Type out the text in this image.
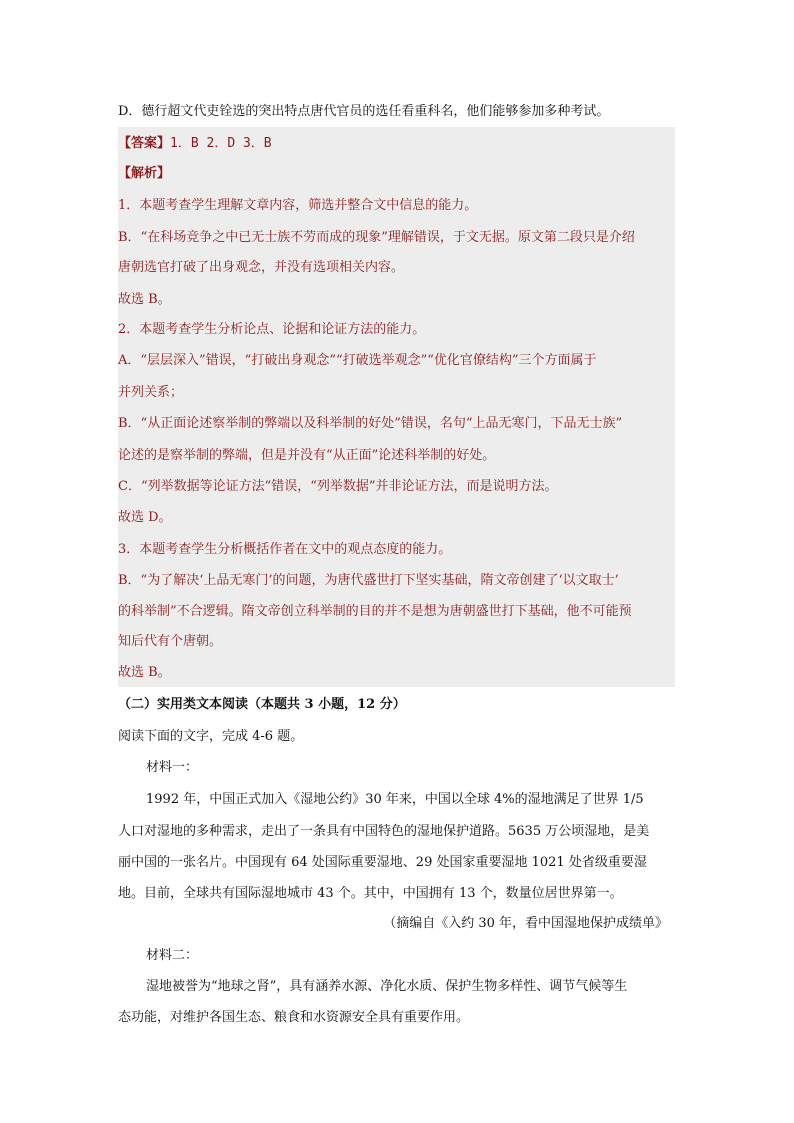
D．德行超文代吏铨选的突出特点唐代官员的选任看重科名，他们能够参加多种考试。
【答案】1．B 2．D 3．B
【解析】
1．本题考查学生理解文章内容，筛选并整合文中信息的能力。
B．“在科场竞争之中已无士族不劳而成的现象”理解错误，于文无据。原文第二段只是介绍
唐朝选官打破了出身观念，并没有选项相关内容。
故选 B。
2．本题考查学生分析论点、论据和论证方法的能力。
A．“层层深入”错误，“打破出身观念”“打破选举观念”“优化官僚结构”三个方面属于
并列关系；
B．“从正面论述察举制的弊端以及科举制的好处”错误，名句“上品无寒门，下品无士族”
论述的是察举制的弊端，但是并没有“从正面”论述科举制的好处。
C．“列举数据等论证方法”错误，“列举数据”并非论证方法，而是说明方法。
故选 D。
3．本题考查学生分析概括作者在文中的观点态度的能力。
B．“为了解决‘上品无寒门’的问题，为唐代盛世打下坚实基础，隋文帝创建了‘以文取士’
的科举制”不合逻辑。隋文帝创立科举制的目的并不是想为唐朝盛世打下基础，他不可能预
知后代有个唐朝。
故选 B。
（二）实用类文本阅读（本题共 3 小题，12 分）
阅读下面的文字，完成 4-6 题。
材料一：
1992 年，中国正式加入《湿地公约》30 年来，中国以全球 4%的湿地满足了世界 1/5
人口对湿地的多种需求，走出了一条具有中国特色的湿地保护道路。5635 万公顷湿地，是美
丽中国的一张名片。中国现有 64 处国际重要湿地、29 处国家重要湿地 1021 处省级重要湿
地。目前，全球共有国际湿地城市 43 个。其中，中国拥有 13 个，数量位居世界第一。
（摘编自《入约 30 年，看中国湿地保护成绩单》
材料二：
湿地被誉为“地球之肾”，具有涵养水源、净化水质、保护生物多样性、调节气候等生
态功能，对维护各国生态、粮食和水资源安全具有重要作用。
